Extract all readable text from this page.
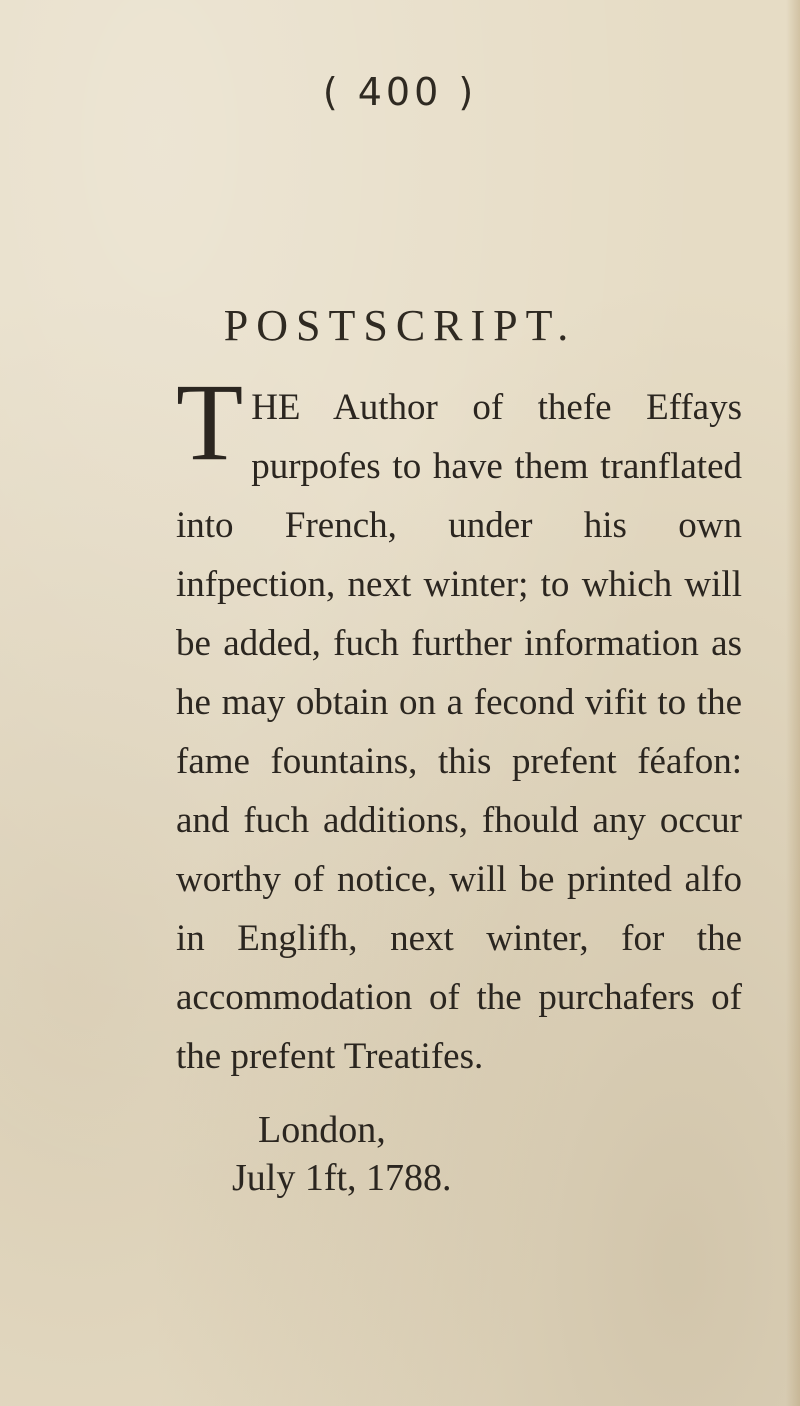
( 400 )
POSTSCRIPT.
THE Author of thefe Effays purpofes to have them tranflated into French, under his own infpection, next winter; to which will be added, fuch further information as he may obtain on a fecond vifit to the fame fountains, this prefent féafon: and fuch additions, fhould any occur worthy of notice, will be printed alfo in Englifh, next winter, for the accommodation of the purchafers of the prefent Treatifes.
London,
July 1ft, 1788.
